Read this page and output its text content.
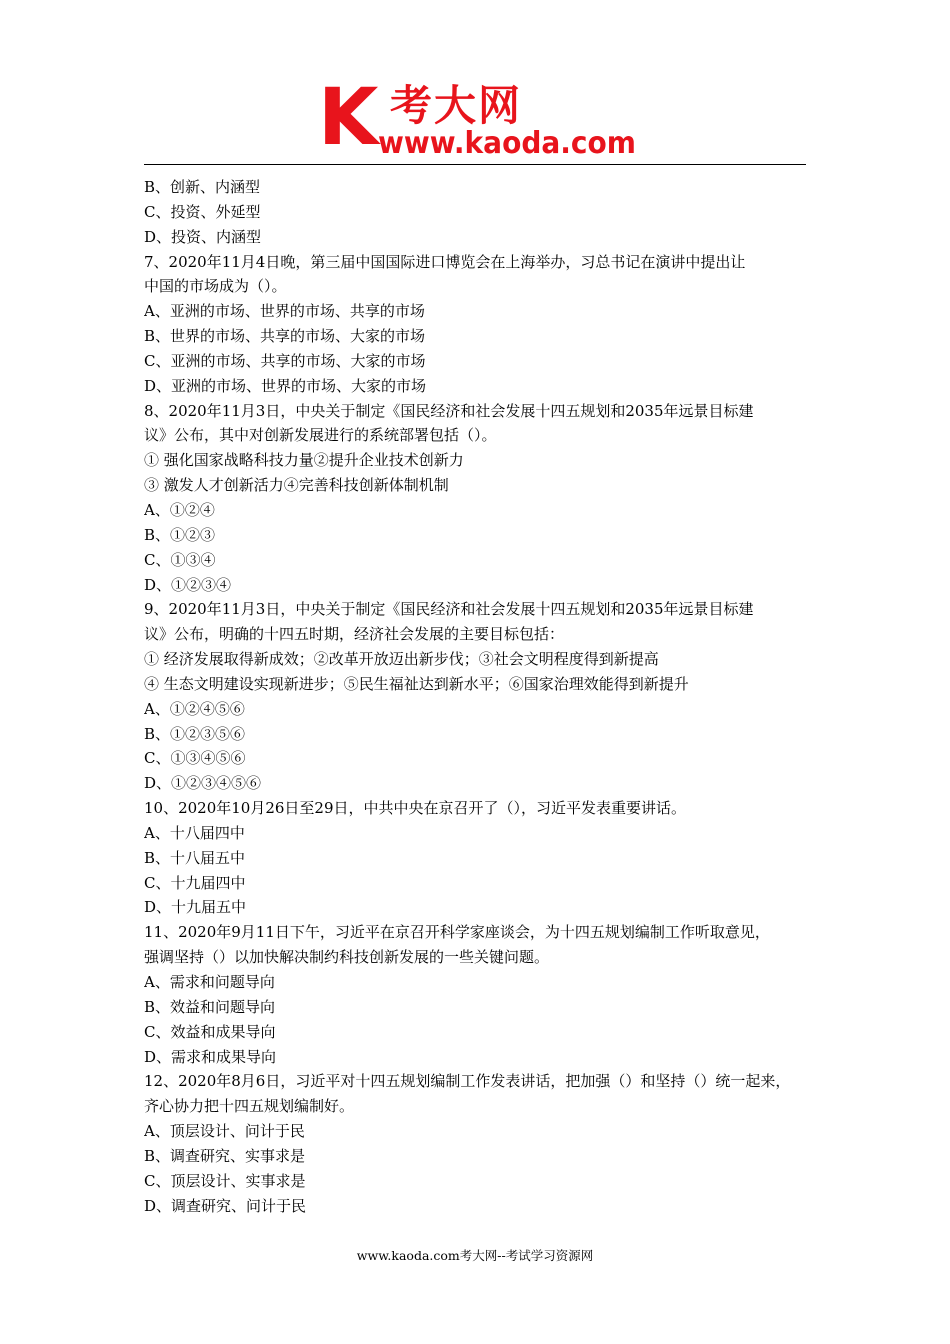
K 考大网
www.kaoda.com
B、创新、内涵型
C、投资、外延型
D、投资、内涵型
7、2020年11月4日晚，第三届中国国际进口博览会在上海举办，习总书记在演讲中提出让
中国的市场成为（）。
A、亚洲的市场、世界的市场、共享的市场
B、世界的市场、共享的市场、大家的市场
C、亚洲的市场、共享的市场、大家的市场
D、亚洲的市场、世界的市场、大家的市场
8、2020年11月3日，中央关于制定《国民经济和社会发展十四五规划和2035年远景目标建
议》公布，其中对创新发展进行的系统部署包括（）。
① 强化国家战略科技力量②提升企业技术创新力
③ 激发人才创新活力④完善科技创新体制机制
A、①②④
B、①②③
C、①③④
D、①②③④
9、2020年11月3日，中央关于制定《国民经济和社会发展十四五规划和2035年远景目标建
议》公布，明确的十四五时期，经济社会发展的主要目标包括：
① 经济发展取得新成效；②改革开放迈出新步伐；③社会文明程度得到新提高
④ 生态文明建设实现新进步；⑤民生福祉达到新水平；⑥国家治理效能得到新提升
A、①②④⑤⑥
B、①②③⑤⑥
C、①③④⑤⑥
D、①②③④⑤⑥
10、2020年10月26日至29日，中共中央在京召开了（），习近平发表重要讲话。
A、十八届四中
B、十八届五中
C、十九届四中
D、十九届五中
11、2020年9月11日下午，习近平在京召开科学家座谈会，为十四五规划编制工作听取意见，
强调坚持（）以加快解决制约科技创新发展的一些关键问题。
A、需求和问题导向
B、效益和问题导向
C、效益和成果导向
D、需求和成果导向
12、2020年8月6日，习近平对十四五规划编制工作发表讲话，把加强（）和坚持（）统一起来，
齐心协力把十四五规划编制好。
A、顶层设计、问计于民
B、调查研究、实事求是
C、顶层设计、实事求是
D、调查研究、问计于民
www.kaoda.com考大网--考试学习资源网
